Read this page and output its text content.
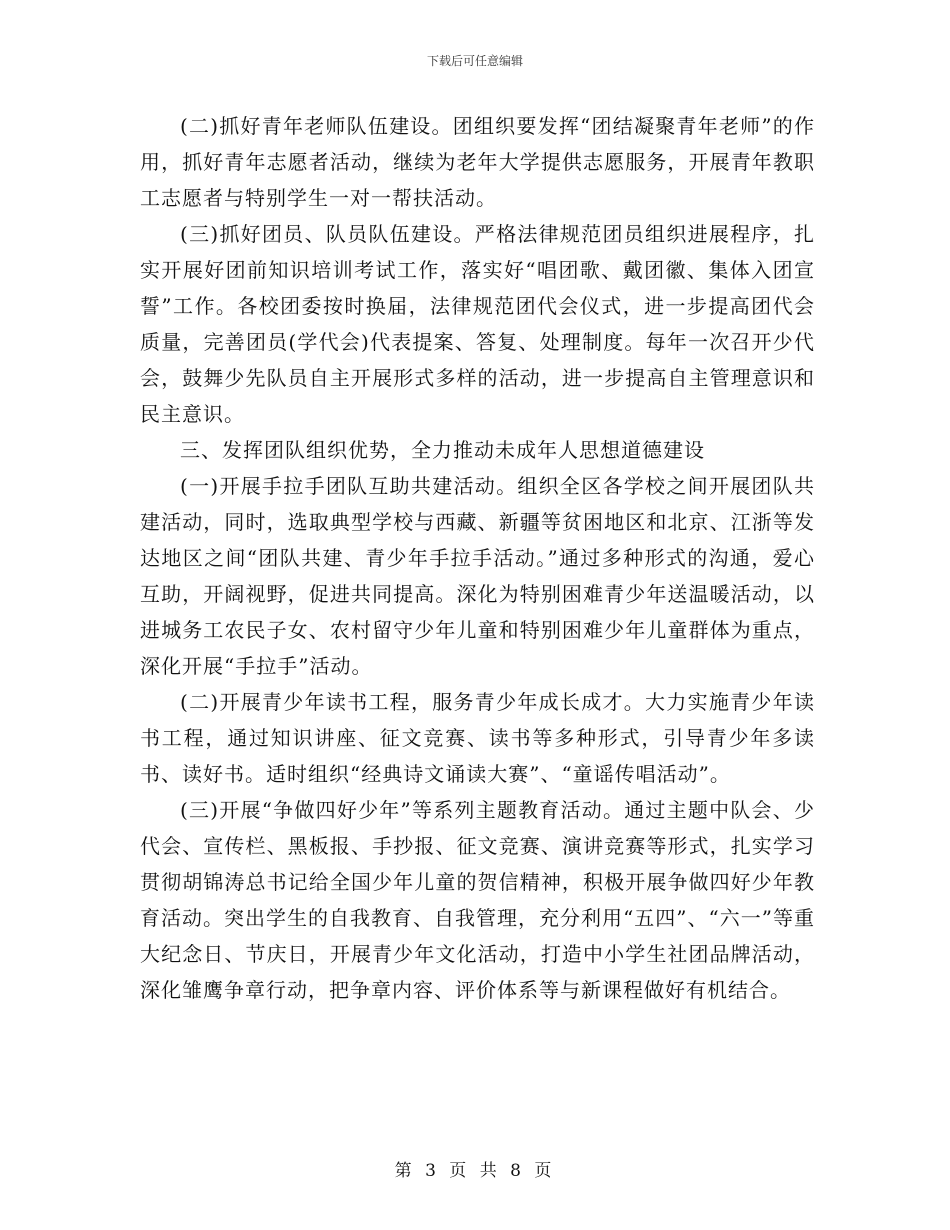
下载后可任意编辑

(二)抓好青年老师队伍建设。团组织要发挥“团结凝聚青年老师”的作用，抓好青年志愿者活动，继续为老年大学提供志愿服务，开展青年教职工志愿者与特别学生一对一帮扶活动。

(三)抓好团员、队员队伍建设。严格法律规范团员组织进展程序，扎实开展好团前知识培训考试工作，落实好“唱团歌、戴团徽、集体入团宣誓”工作。各校团委按时换届，法律规范团代会仪式，进一步提高团代会质量，完善团员(学代会)代表提案、答复、处理制度。每年一次召开少代会，鼓舞少先队员自主开展形式多样的活动，进一步提高自主管理意识和民主意识。

三、发挥团队组织优势，全力推动未成年人思想道德建设

(一)开展手拉手团队互助共建活动。组织全区各学校之间开展团队共建活动，同时，选取典型学校与西藏、新疆等贫困地区和北京、江浙等发达地区之间“团队共建、青少年手拉手活动。”通过多种形式的沟通，爱心互助，开阔视野，促进共同提高。深化为特别困难青少年送温暖活动，以进城务工农民子女、农村留守少年儿童和特别困难少年儿童群体为重点，深化开展“手拉手”活动。

(二)开展青少年读书工程，服务青少年成长成才。大力实施青少年读书工程，通过知识讲座、征文竞赛、读书等多种形式，引导青少年多读书、读好书。适时组织“经典诗文诵读大赛”、“童谣传唱活动”。

(三)开展“争做四好少年”等系列主题教育活动。通过主题中队会、少代会、宣传栏、黑板报、手抄报、征文竞赛、演讲竞赛等形式，扎实学习贯彻胡锦涛总书记给全国少年儿童的贺信精神，积极开展争做四好少年教育活动。突出学生的自我教育、自我管理，充分利用“五四”、“六一”等重大纪念日、节庆日，开展青少年文化活动，打造中小学生社团品牌活动，深化雏鹰争章行动，把争章内容、评价体系等与新课程做好有机结合。

第 3 页 共 8 页
